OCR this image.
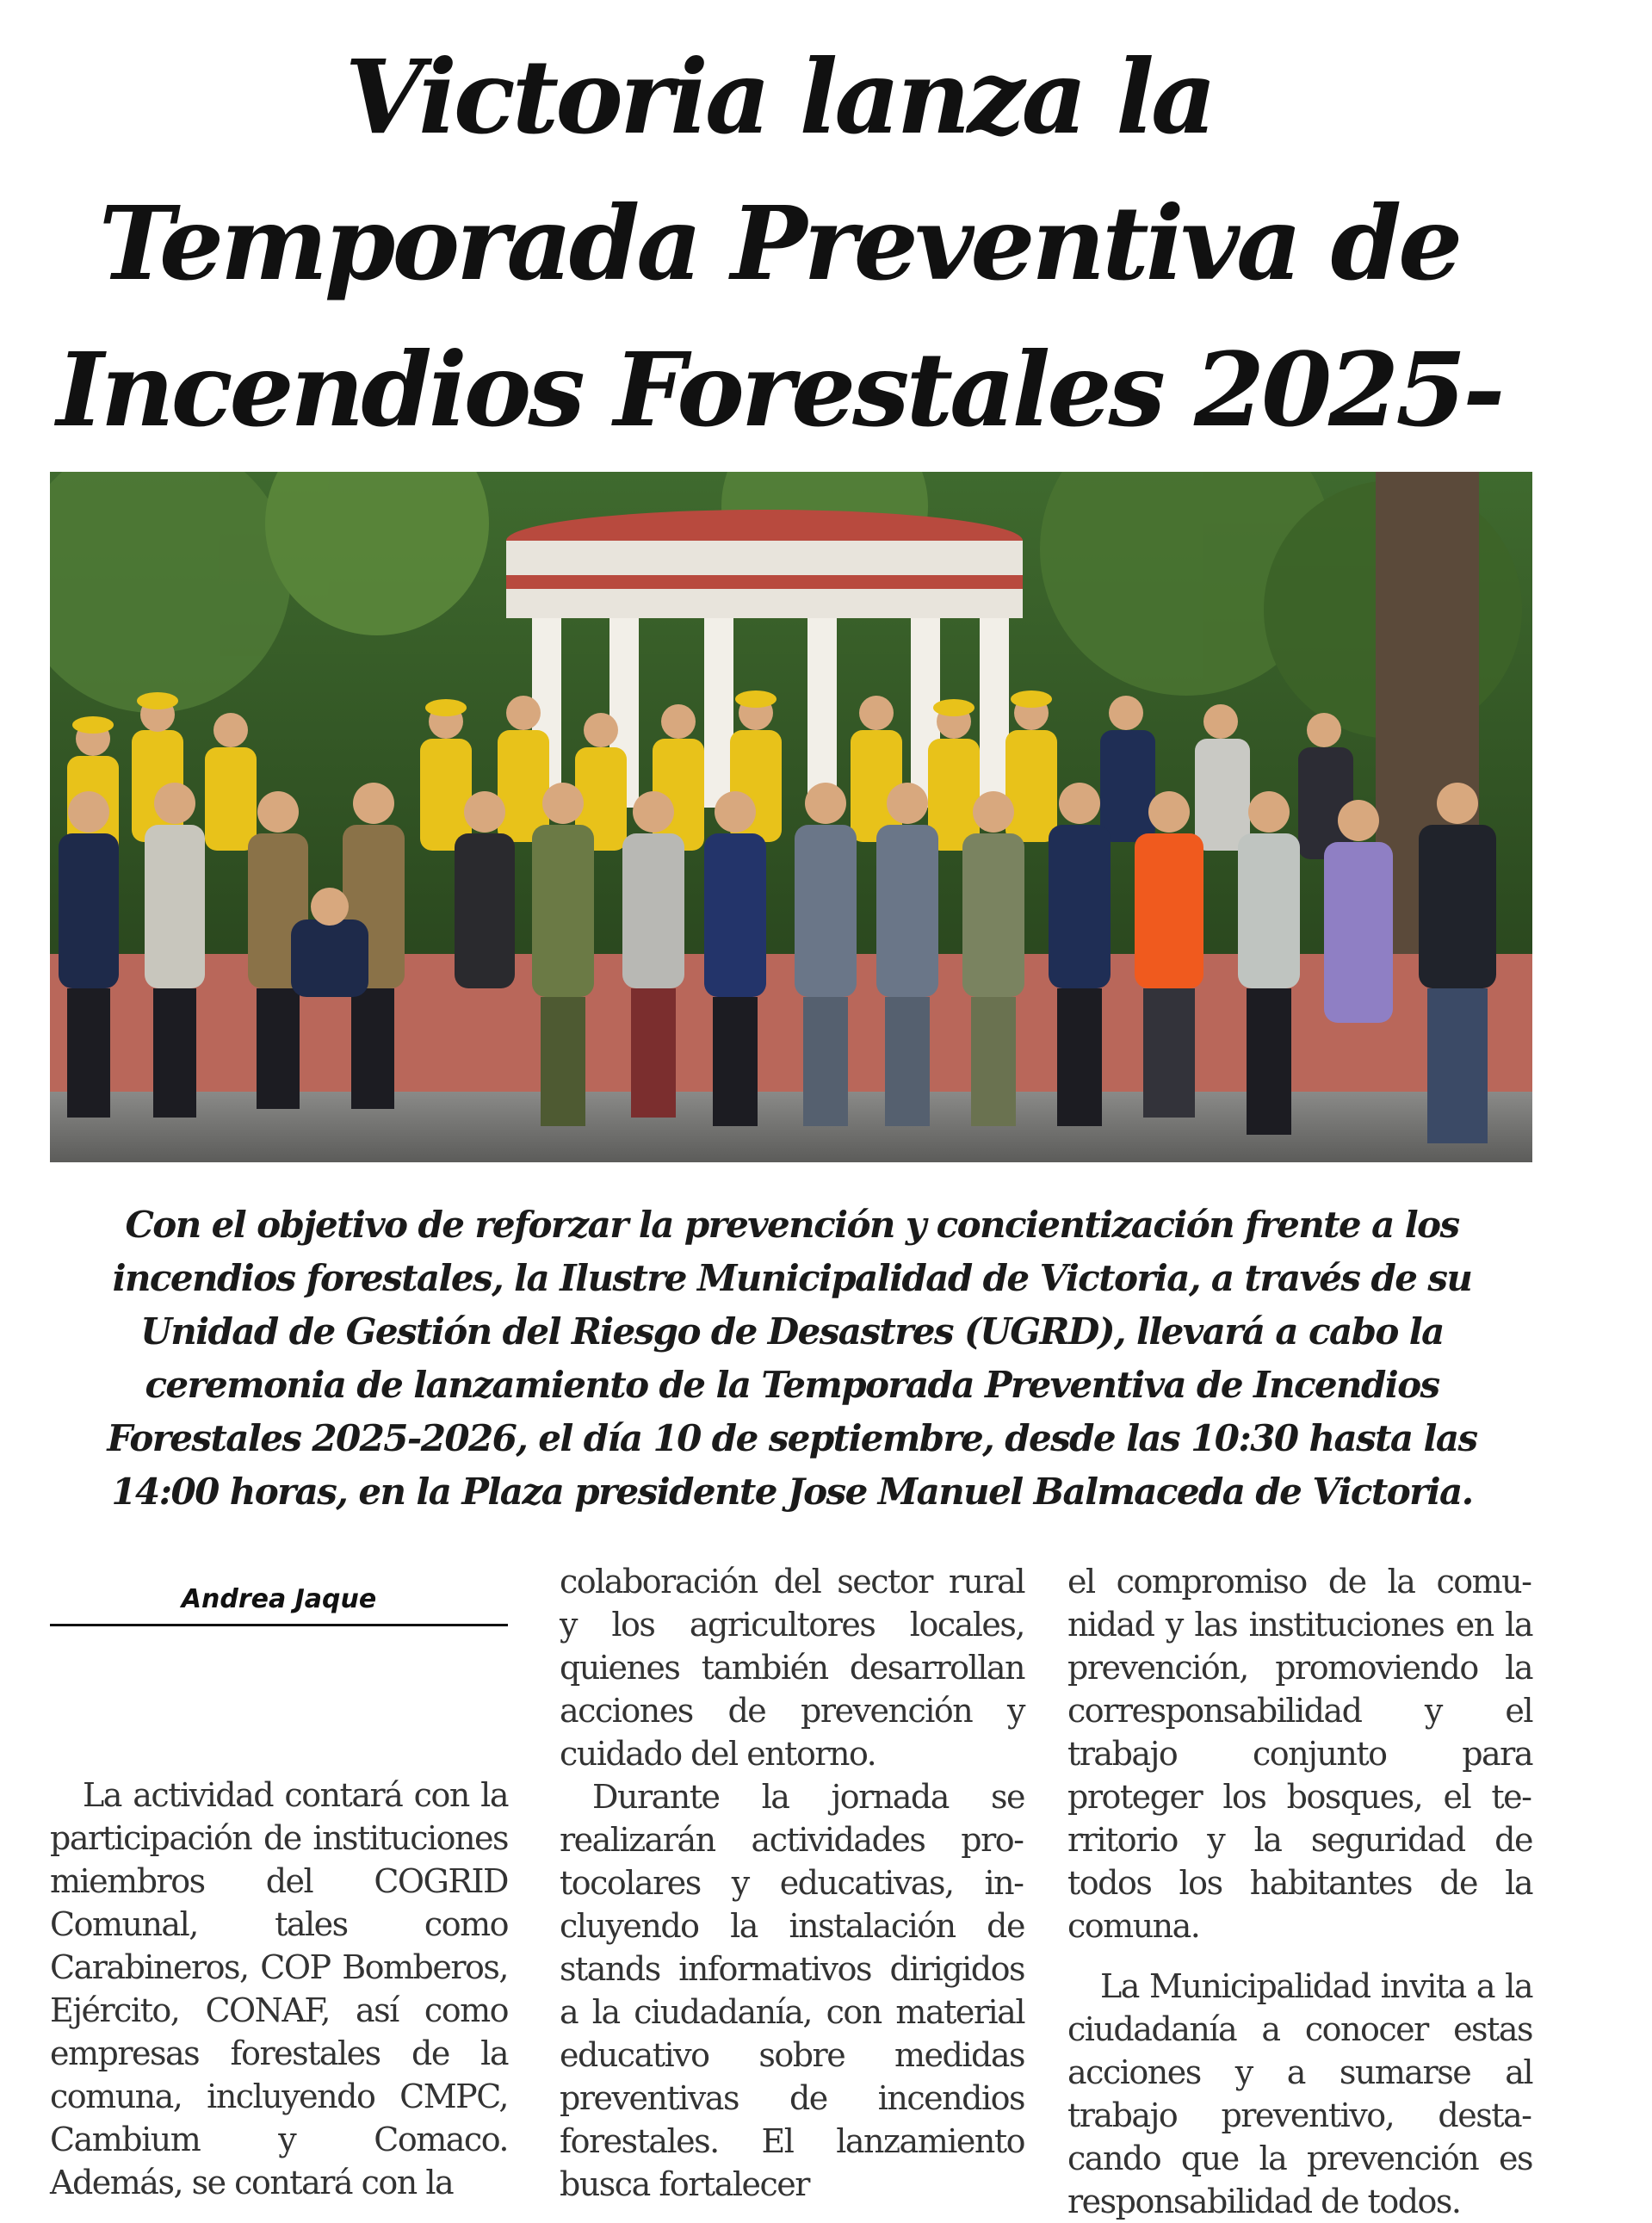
Victoria lanza la Temporada Preventiva de Incendios Forestales 2025-

Con el objetivo de reforzar la prevención y concientización frente a los incendios forestales, la Ilustre Municipalidad de Victoria, a través de su Unidad de Gestión del Riesgo de Desastres (UGRD), llevará a cabo la ceremonia de lanzamiento de la Temporada Preventiva de Incendios Forestales 2025-2026, el día 10 de septiembre, desde las 10:30 hasta las 14:00 horas, en la Plaza presidente Jose Manuel Balmaceda de Victoria.

Andrea Jaque

La actividad contará con la participación de instituciones miembros del COGRID Comunal, tales como Carabineros, COP Bomberos, Ejército, CONAF, así como empresas forestales de la comuna, incluyendo CMPC, Cambium y Comaco. Además, se contará con la

colaboración del sector rural y los agricultores locales, quienes también desarrollan acciones de prevención y cuidado del entorno.

Durante la jornada se realizarán actividades protocolares y educativas, incluyendo la instalación de stands informativos dirigidos a la ciudadanía, con material educativo sobre medidas preventivas de incendios forestales. El lanzamiento busca fortalecer

el compromiso de la comunidad y las instituciones en la prevención, promoviendo la corresponsabilidad y el trabajo conjunto para proteger los bosques, el territorio y la seguridad de todos los habitantes de la comuna.

La Municipalidad invita a la ciudadanía a conocer estas acciones y a sumarse al trabajo preventivo, destacando que la prevención es responsabilidad de todos.
